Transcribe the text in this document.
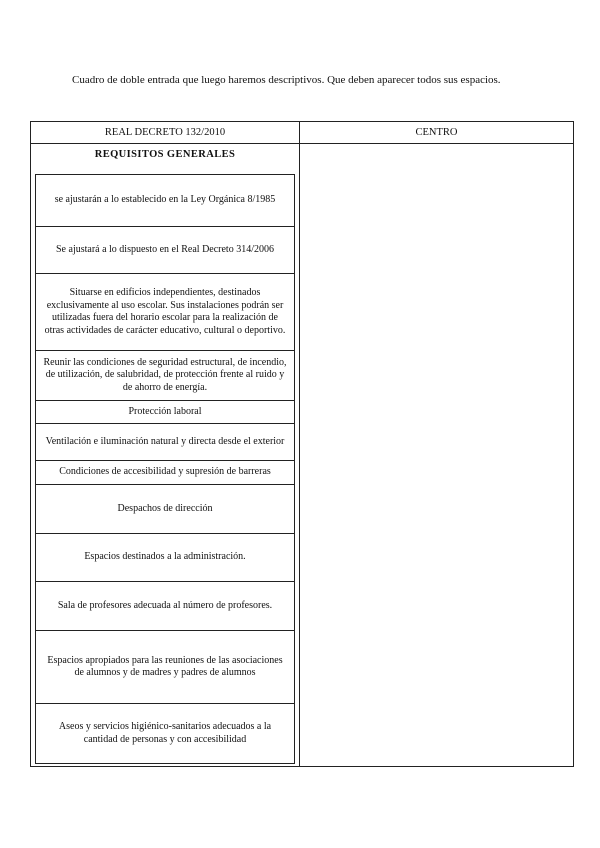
Cuadro de doble entrada que luego haremos descriptivos. Que deben aparecer todos sus espacios.

REAL DECRETO 132/2010	CENTRO
REQUISITOS GENERALES
se ajustarán a lo establecido en la Ley Orgánica 8/1985
Se ajustará a lo dispuesto en el Real Decreto 314/2006
Situarse en edificios independientes, destinados exclusivamente al uso escolar. Sus instalaciones podrán ser utilizadas fuera del horario escolar para la realización de otras actividades de carácter educativo, cultural o deportivo.
Reunir las condiciones de seguridad estructural, de incendio, de utilización, de salubridad, de protección frente al ruido y de ahorro de energía.
Protección laboral
Ventilación e iluminación natural y directa desde el exterior
Condiciones de accesibilidad y supresión de barreras
Despachos de dirección
Espacios destinados a la administración.
Sala de profesores adecuada al número de profesores.
Espacios apropiados para las reuniones de las asociaciones de alumnos y de madres y padres de alumnos
Aseos y servicios higiénico-sanitarios adecuados a la cantidad de personas y con accesibilidad
